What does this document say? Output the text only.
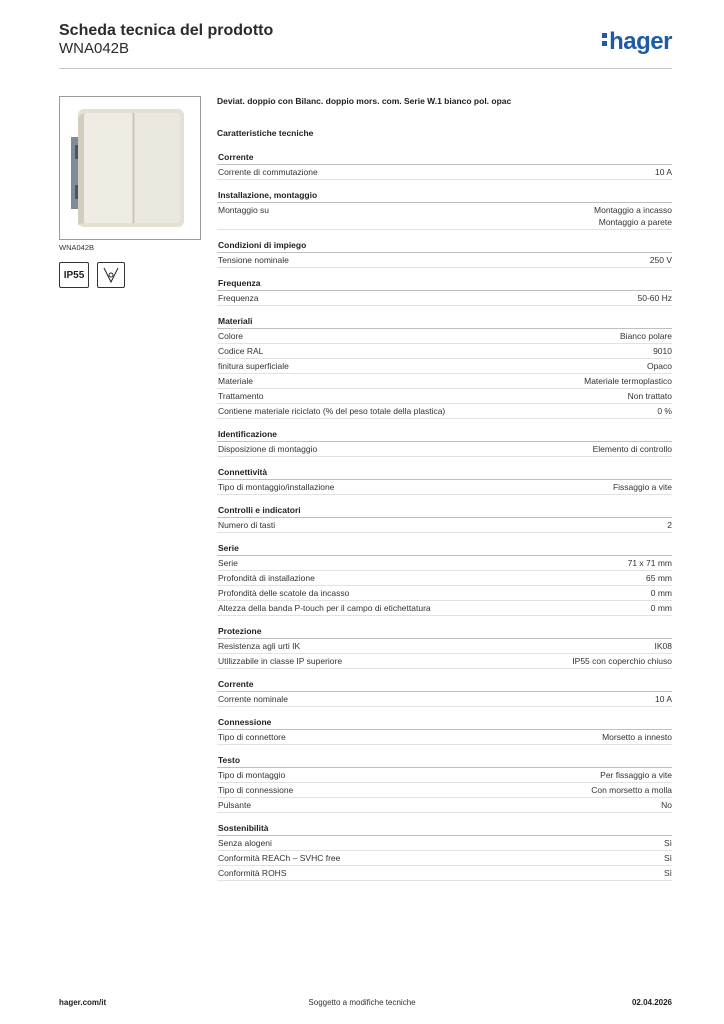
Scheda tecnica del prodotto
WNA042B	hager
WNA042B
IP55
Deviat. doppio con Bilanc. doppio mors. com. Serie W.1 bianco pol. opac
Caratteristiche tecniche
Corrente
Corrente di commutazione	10 A
Installazione, montaggio
Montaggio su	Montaggio a incasso
Montaggio a parete
Condizioni di impiego
Tensione nominale	250 V
Frequenza
Frequenza	50-60 Hz
Materiali
Colore	Bianco polare
Codice RAL	9010
finitura superficiale	Opaco
Materiale	Materiale termoplastico
Trattamento	Non trattato
Contiene materiale riciclato (% del peso totale della plastica)	0 %
Identificazione
Disposizione di montaggio	Elemento di controllo
Connettività
Tipo di montaggio/installazione	Fissaggio a vite
Controlli e indicatori
Numero di tasti	2
Serie
Serie	71 x 71 mm
Profondità di installazione	65 mm
Profondità delle scatole da incasso	0 mm
Altezza della banda P-touch per il campo di etichettatura	0 mm
Protezione
Resistenza agli urti IK	IK08
Utilizzabile in classe IP superiore	IP55 con coperchio chiuso
Corrente
Corrente nominale	10 A
Connessione
Tipo di connettore	Morsetto a innesto
Testo
Tipo di montaggio	Per fissaggio a vite
Tipo di connessione	Con morsetto a molla
Pulsante	No
Sostenibilità
Senza alogeni	Sì
Conformità REACh – SVHC free	Sì
Conformità ROHS	Sì
hager.com/it	Soggetto a modifiche tecniche	02.04.2026
